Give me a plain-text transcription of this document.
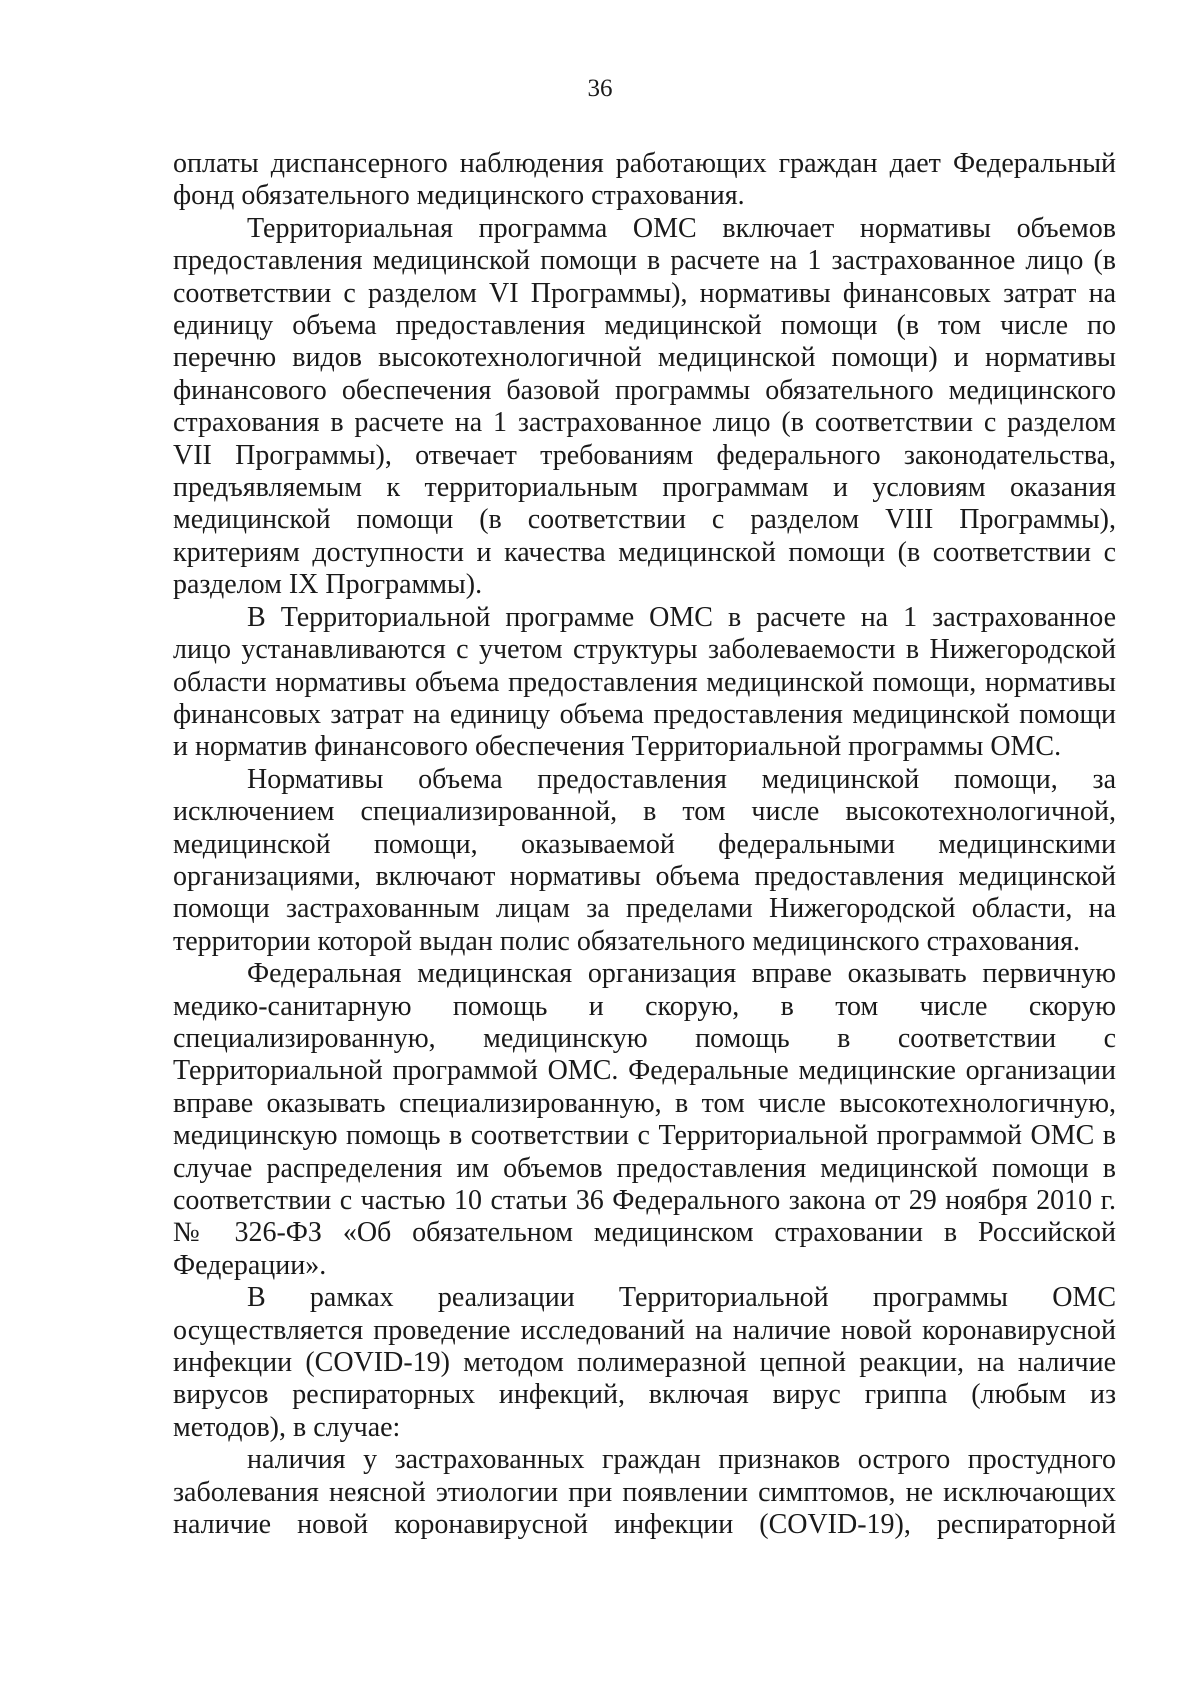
36

оплаты диспансерного наблюдения работающих граждан дает Федеральный фонд обязательного медицинского страхования.

Территориальная программа ОМС включает нормативы объемов предоставления медицинской помощи в расчете на 1 застрахованное лицо (в соответствии с разделом VI Программы), нормативы финансовых затрат на единицу объема предоставления медицинской помощи (в том числе по перечню видов высокотехнологичной медицинской помощи) и нормативы финансового обеспечения базовой программы обязательного медицинского страхования в расчете на 1 застрахованное лицо (в соответствии с разделом VII Программы), отвечает требованиям федерального законодательства, предъявляемым к территориальным программам и условиям оказания медицинской помощи (в соответствии с разделом VIII Программы), критериям доступности и качества медицинской помощи (в соответствии с разделом IX Программы).

В Территориальной программе ОМС в расчете на 1 застрахованное лицо устанавливаются с учетом структуры заболеваемости в Нижегородской области нормативы объема предоставления медицинской помощи, нормативы финансовых затрат на единицу объема предоставления медицинской помощи и норматив финансового обеспечения Территориальной программы ОМС.

Нормативы объема предоставления медицинской помощи, за исключением специализированной, в том числе высокотехнологичной, медицинской помощи, оказываемой федеральными медицинскими организациями, включают нормативы объема предоставления медицинской помощи застрахованным лицам за пределами Нижегородской области, на территории которой выдан полис обязательного медицинского страхования.

Федеральная медицинская организация вправе оказывать первичную медико-санитарную помощь и скорую, в том числе скорую специализированную, медицинскую помощь в соответствии с Территориальной программой ОМС. Федеральные медицинские организации вправе оказывать специализированную, в том числе высокотехнологичную, медицинскую помощь в соответствии с Территориальной программой ОМС в случае распределения им объемов предоставления медицинской помощи в соответствии с частью 10 статьи 36 Федерального закона от 29 ноября 2010 г. № 326-ФЗ «Об обязательном медицинском страховании в Российской Федерации».

В рамках реализации Территориальной программы ОМС осуществляется проведение исследований на наличие новой коронавирусной инфекции (COVID-19) методом полимеразной цепной реакции, на наличие вирусов респираторных инфекций, включая вирус гриппа (любым из методов), в случае:

наличия у застрахованных граждан признаков острого простудного заболевания неясной этиологии при появлении симптомов, не исключающих наличие новой коронавирусной инфекции (COVID-19), респираторной
